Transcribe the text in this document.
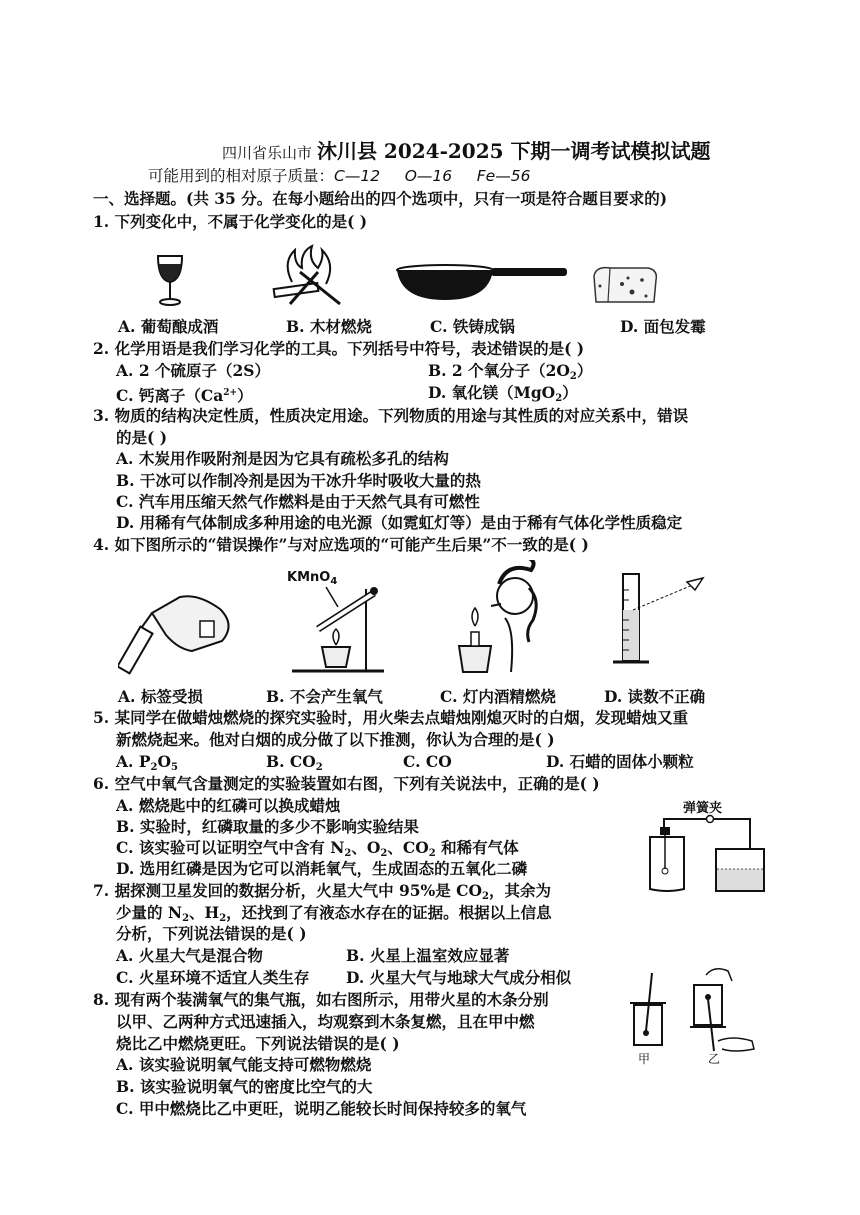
四川省乐山市 沐川县 2024-2025 下期一调考试模拟试题
可能用到的相对原子质量：C—12     O—16     Fe—56
一、选择题。(共 35 分。在每小题给出的四个选项中，只有一项是符合题目要求的)
1. 下列变化中，不属于化学变化的是( )
A. 葡萄酿成酒	B. 木材燃烧	C. 铁铸成锅	D. 面包发霉
2. 化学用语是我们学习化学的工具。下列括号中符号，表述错误的是( )
A. 2 个硫原子（2S）	B. 2 个氧分子$(2O_2)$
C. 钙离子$(Ca^{2+})$	D. 氧化镁（MgO$_2$）
3. 物质的结构决定性质，性质决定用途。下列物质的用途与其性质的对应关系中，错误
的是( )
A. 木炭用作吸附剂是因为它具有疏松多孔的结构
B. 干冰可以作制冷剂是因为干冰升华时吸收大量的热
C. 汽车用压缩天然气作燃料是由于天然气具有可燃性
D. 用稀有气体制成多种用途的电光源（如霓虹灯等）是由于稀有气体化学性质稳定
4. 如下图所示的“错误操作”与对应选项的“可能产生后果”不一致的是( )
KMnO$_4$
A. 标签受损	B. 不会产生氧气	C. 灯内酒精燃烧	D. 读数不正确
5. 某同学在做蜡烛燃烧的探究实验时，用火柴去点蜡烛刚熄灭时的白烟，发现蜡烛又重
新燃烧起来。他对白烟的成分做了以下推测，你认为合理的是( )
A. $P_2O_5$	B. $CO_2$	C. CO	D. 石蜡的固体小颗粒
6. 空气中氧气含量测定的实验装置如右图，下列有关说法中，正确的是( )
A. 燃烧匙中的红磷可以换成蜡烛
B. 实验时，红磷取量的多少不影响实验结果
C. 该实验可以证明空气中含有 $N_2$、$O_2$、$CO_2$ 和稀有气体
D. 选用红磷是因为它可以消耗氧气，生成固态的五氧化二磷
弹簧夹
7. 据探测卫星发回的数据分析，火星大气中 95%是 $CO_2$，其余为
少量的 $N_2$、$H_2$，还找到了有液态水存在的证据。根据以上信息
分析，下列说法错误的是( )
A. 火星大气是混合物	B. 火星上温室效应显著
C. 火星环境不适宜人类生存 D. 火星大气与地球大气成分相似
8. 现有两个装满氧气的集气瓶，如右图所示，用带火星的木条分别
以甲、乙两种方式迅速插入，均观察到木条复燃，且在甲中燃
烧比乙中燃烧更旺。下列说法错误的是( )
A. 该实验说明氧气能支持可燃物燃烧
B. 该实验说明氧气的密度比空气的大
C. 甲中燃烧比乙中更旺，说明乙能较长时间保持较多的氧气
甲	乙
